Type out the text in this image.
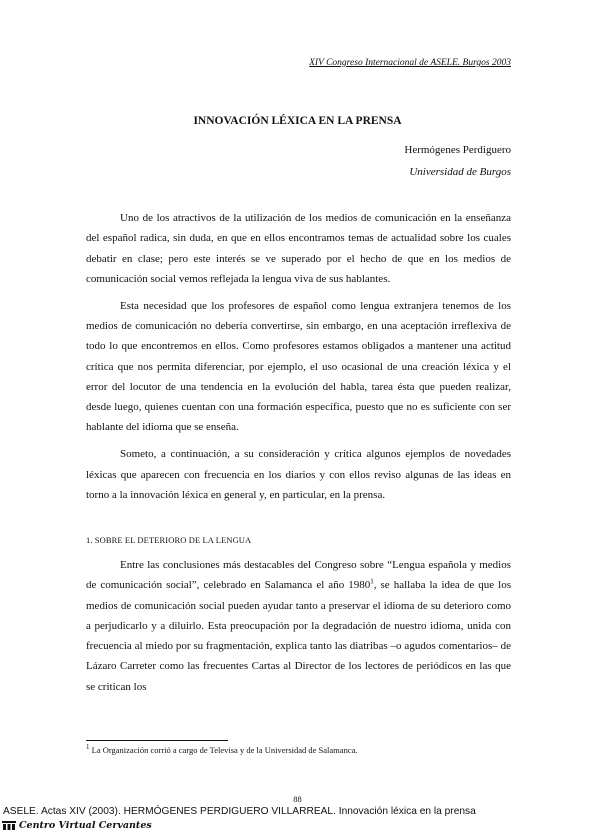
XIV Congreso Internacional de ASELE. Burgos 2003
INNOVACIÓN LÉXICA EN LA PRENSA
Hermógenes Perdiguero
Universidad de Burgos

Uno de los atractivos de la utilización de los medios de comunicación en la enseñanza del español radica, sin duda, en que en ellos encontramos temas de actualidad sobre los cuales debatir en clase; pero este interés se ve superado por el hecho de que en los medios de comunicación social vemos reflejada la lengua viva de sus hablantes.

Esta necesidad que los profesores de español como lengua extranjera tenemos de los medios de comunicación no debería convertirse, sin embargo, en una aceptación irreflexiva de todo lo que encontremos en ellos. Como profesores estamos obligados a mantener una actitud crítica que nos permita diferenciar, por ejemplo, el uso ocasional de una creación léxica y el error del locutor de una tendencia en la evolución del habla, tarea ésta que pueden realizar, desde luego, quienes cuentan con una formación específica, puesto que no es suficiente con ser hablante del idioma que se enseña.

Someto, a continuación, a su consideración y crítica algunos ejemplos de novedades léxicas que aparecen con frecuencia en los diarios y con ellos reviso algunas de las ideas en torno a la innovación léxica en general y, en particular, en la prensa.

1. SOBRE EL DETERIORO DE LA LENGUA

Entre las conclusiones más destacables del Congreso sobre “Lengua española y medios de comunicación social”, celebrado en Salamanca el año 1980$^1$, se hallaba la idea de que los medios de comunicación social pueden ayudar tanto a preservar el idioma de su deterioro como a perjudicarlo y a diluirlo. Esta preocupación por la degradación de nuestro idioma, unida con frecuencia al miedo por su fragmentación, explica tanto las diatribas –o agudos comentarios– de Lázaro Carreter como las frecuentes Cartas al Director de los lectores de periódicos en las que se critican los

$^1$ La Organización corrió a cargo de Televisa y de la Universidad de Salamanca.
88
ASELE. Actas XIV (2003). HERMÓGENES PERDIGUERO VILLARREAL. Innovación léxica en la prensa
Centro Virtual Cervantes
